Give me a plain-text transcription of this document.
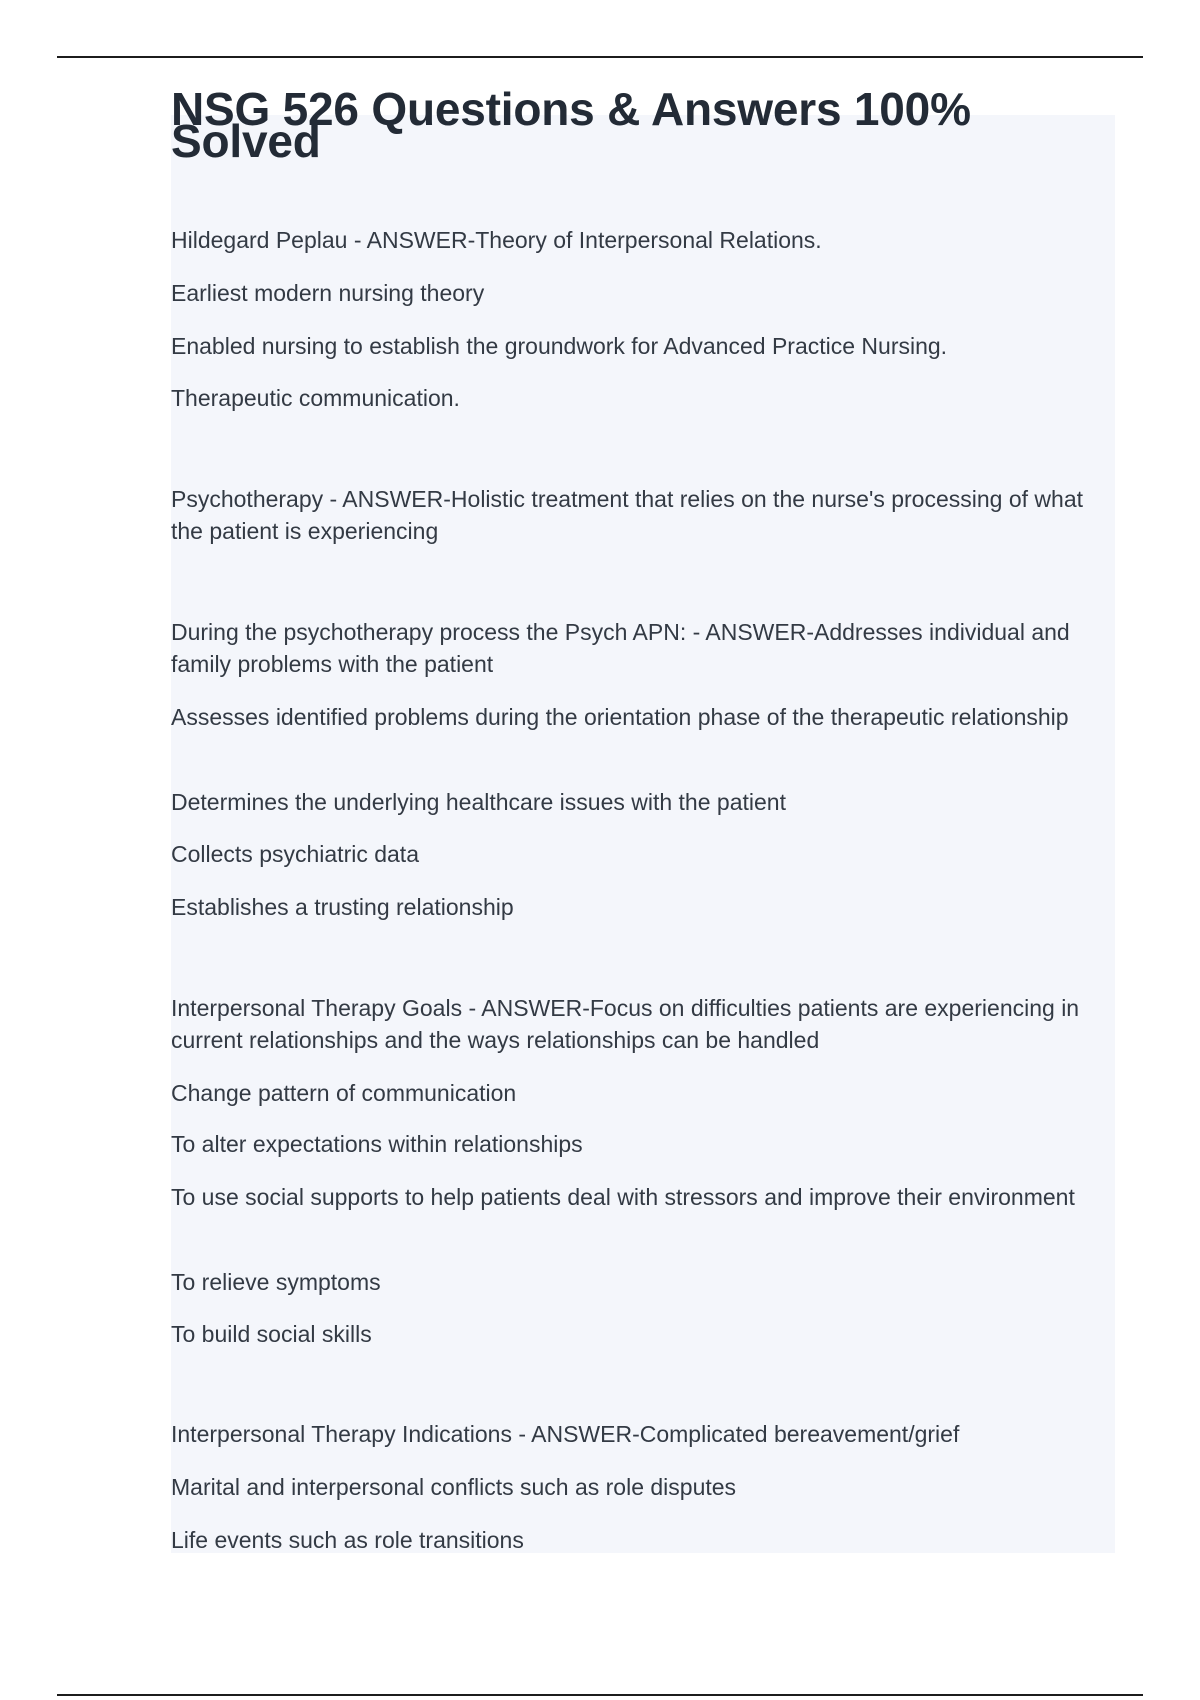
NSG 526 Questions & Answers 100% Solved

Hildegard Peplau - ANSWER-Theory of Interpersonal Relations.

Earliest modern nursing theory

Enabled nursing to establish the groundwork for Advanced Practice Nursing.

Therapeutic communication.

Psychotherapy - ANSWER-Holistic treatment that relies on the nurse's processing of what the patient is experiencing

During the psychotherapy process the Psych APN: - ANSWER-Addresses individual and family problems with the patient

Assesses identified problems during the orientation phase of the therapeutic relationship

Determines the underlying healthcare issues with the patient

Collects psychiatric data

Establishes a trusting relationship

Interpersonal Therapy Goals - ANSWER-Focus on difficulties patients are experiencing in current relationships and the ways relationships can be handled

Change pattern of communication

To alter expectations within relationships

To use social supports to help patients deal with stressors and improve their environment

To relieve symptoms

To build social skills

Interpersonal Therapy Indications - ANSWER-Complicated bereavement/grief

Marital and interpersonal conflicts such as role disputes

Life events such as role transitions
